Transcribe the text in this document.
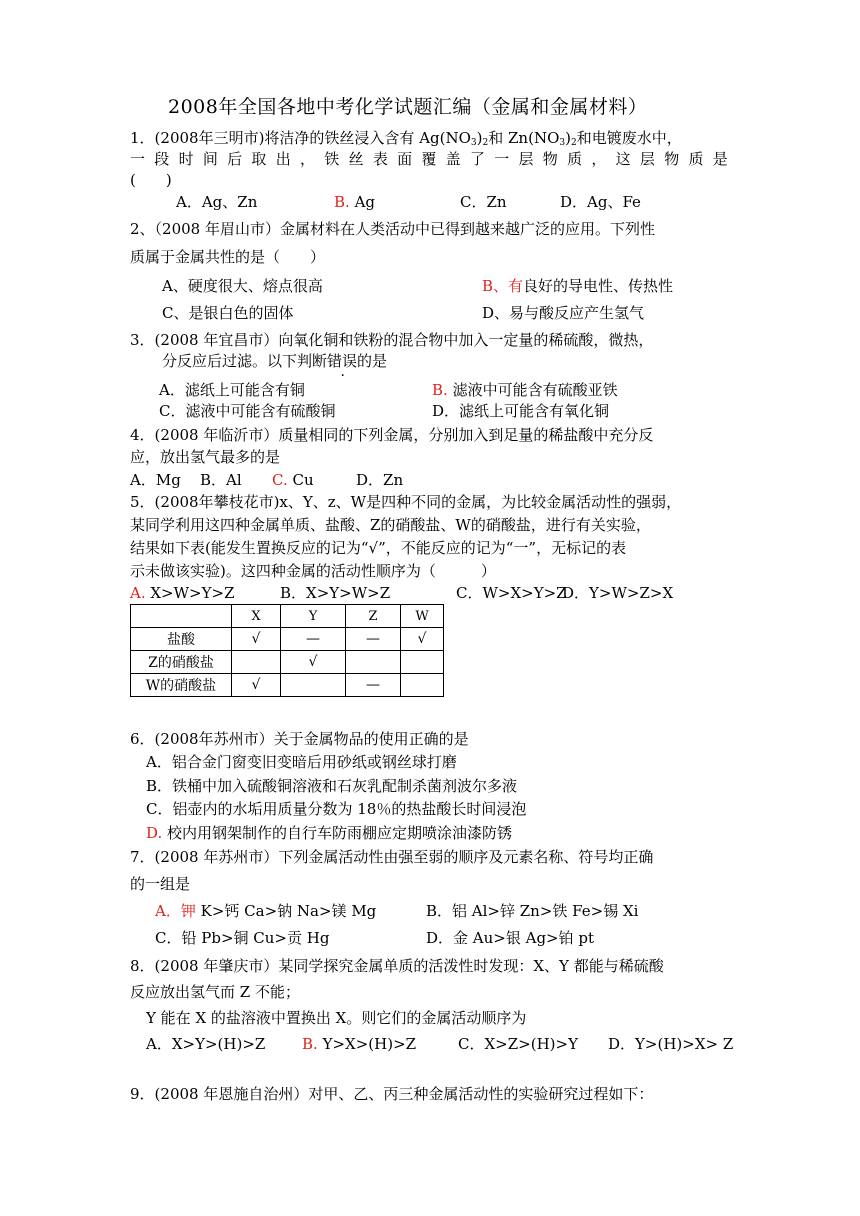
2008年全国各地中考化学试题汇编（金属和金属材料）
1．(2008年三明市)将洁净的铁丝浸入含有 $Ag(NO_3)_2$和 $Zn(NO_3)_2$和电镀废水中，
一 段 时 间 后 取 出 ， 铁 丝 表 面 覆 盖 了 一 层 物 质 ， 这 层 物 质 是
(　　)
A．Ag、Zn	B. Ag	C．Zn	D．Ag、Fe
2、（2008 年眉山市）金属材料在人类活动中已得到越来越广泛的应用。下列性
质属于金属共性的是（　　）
A、硬度很大、熔点很高	B、有良好的导电性、传热性
C、是银白色的固体	D、易与酸反应产生氢气
3．(2008 年宜昌市）向氧化铜和铁粉的混合物中加入一定量的稀硫酸，微热，
分反应后过滤。以下判断错误的是
A．滤纸上可能含有铜	B. 滤液中可能含有硫酸亚铁
C．滤液中可能含有硫酸铜	D．滤纸上可能含有氧化铜
4．(2008 年临沂市）质量相同的下列金属，分别加入到足量的稀盐酸中充分反
应，放出氢气最多的是
A．Mg B．Al C. Cu	D．Zn
5．(2008年攀枝花市)x、Y、z、W是四种不同的金属，为比较金属活动性的强弱，
某同学利用这四种金属单质、盐酸、Z的硝酸盐、W的硝酸盐，进行有关实验，
结果如下表(能发生置换反应的记为“√”，不能反应的记为“一”，无标记的表
示未做该实验)。这四种金属的活动性顺序为（　　　）
A. X>W>Y>Z	B．X>Y>W>Z	C．W>X>Y>ZD．Y>W>Z>X
	X	Y	Z	W
盐酸	√	—	—	√
Z的硝酸盐		√		
W的硝酸盐	√		—	
6．(2008年苏州市）关于金属物品的使用正确的是
A．铝合金门窗变旧变暗后用砂纸或钢丝球打磨
B．铁桶中加入硫酸铜溶液和石灰乳配制杀菌剂波尔多液
C．铝壶内的水垢用质量分数为 18％的热盐酸长时间浸泡
D. 校内用钢架制作的自行车防雨棚应定期喷涂油漆防锈
7．(2008 年苏州市）下列金属活动性由强至弱的顺序及元素名称、符号均正确
的一组是
A．钾 K>钙 Ca>钠 Na>镁 Mg	B．铝 Al>锌 Zn>铁 Fe>锡 Xi
C．铅 Pb>铜 Cu>贡 Hg	D．金 Au>银 Ag>铂 pt
8．(2008 年肇庆市）某同学探究金属单质的活泼性时发现：X、Y 都能与稀硫酸
反应放出氢气而 Z 不能；
Y 能在 X 的盐溶液中置换出 X。则它们的金属活动顺序为
A．X>Y>(H)>Z B. Y>X>(H)>Z	C．X>Z>(H)>Y D．Y>(H)>X> Z
9．(2008 年恩施自治州）对甲、乙、丙三种金属活动性的实验研究过程如下：
